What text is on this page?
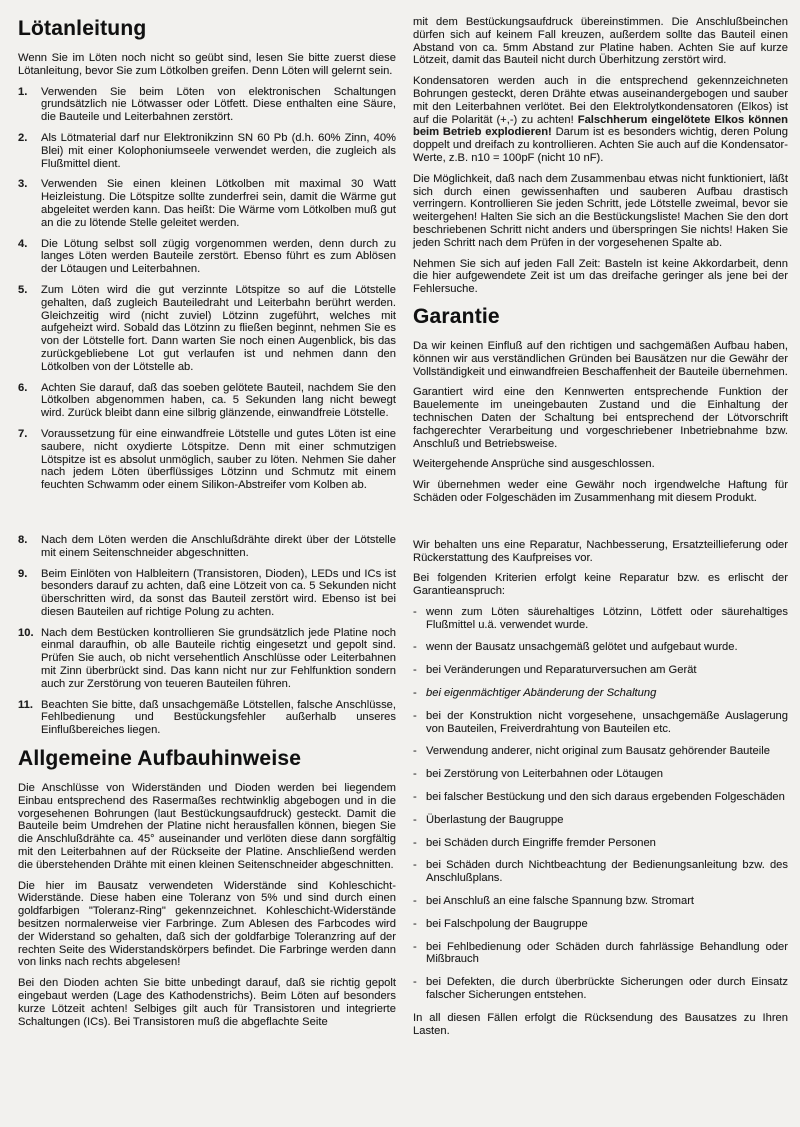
Lötanleitung

Wenn Sie im Löten noch nicht so geübt sind, lesen Sie bitte zuerst diese Lötanleitung, bevor Sie zum Lötkolben greifen. Denn Löten will gelernt sein.

1.	Verwenden Sie beim Löten von elektronischen Schaltungen grundsätzlich nie Lötwasser oder Lötfett. Diese enthalten eine Säure, die Bauteile und Leiterbahnen zerstört.
2.	Als Lötmaterial darf nur Elektronikzinn SN 60 Pb (d.h. 60% Zinn, 40% Blei) mit einer Kolophoniumseele verwendet werden, die zugleich als Flußmittel dient.
3.	Verwenden Sie einen kleinen Lötkolben mit maximal 30 Watt Heizleistung. Die Lötspitze sollte zunderfrei sein, damit die Wärme gut abgeleitet werden kann. Das heißt: Die Wärme vom Lötkolben muß gut an die zu lötende Stelle geleitet werden.
4.	Die Lötung selbst soll zügig vorgenommen werden, denn durch zu langes Löten werden Bauteile zerstört. Ebenso führt es zum Ablösen der Lötaugen und Leiterbahnen.
5.	Zum Löten wird die gut verzinnte Lötspitze so auf die Lötstelle gehalten, daß zugleich Bauteiledraht und Leiterbahn berührt werden. Gleichzeitig wird (nicht zuviel) Lötzinn zugeführt, welches mit aufgeheizt wird. Sobald das Lötzinn zu fließen beginnt, nehmen Sie es von der Lötstelle fort. Dann warten Sie noch einen Augenblick, bis das zurückgebliebene Lot gut verlaufen ist und nehmen dann den Lötkolben von der Lötstelle ab.
6.	Achten Sie darauf, daß das soeben gelötete Bauteil, nachdem Sie den Lötkolben abgenommen haben, ca. 5 Sekunden lang nicht bewegt wird. Zurück bleibt dann eine silbrig glänzende, einwandfreie Lötstelle.
7.	Voraussetzung für eine einwandfreie Lötstelle und gutes Löten ist eine saubere, nicht oxydierte Lötspitze. Denn mit einer schmutzigen Lötspitze ist es absolut unmöglich, sauber zu löten. Nehmen Sie daher nach jedem Löten überflüssiges Lötzinn und Schmutz mit einem feuchten Schwamm oder einem Silikon-Abstreifer vom Kolben ab.
8.	Nach dem Löten werden die Anschlußdrähte direkt über der Lötstelle mit einem Seitenschneider abgeschnitten.
9.	Beim Einlöten von Halbleitern (Transistoren, Dioden), LEDs und ICs ist besonders darauf zu achten, daß eine Lötzeit von ca. 5 Sekunden nicht überschritten wird, da sonst das Bauteil zerstört wird. Ebenso ist bei diesen Bauteilen auf richtige Polung zu achten.
10. Nach dem Bestücken kontrollieren Sie grundsätzlich jede Platine noch einmal daraufhin, ob alle Bauteile richtig eingesetzt und gepolt sind. Prüfen Sie auch, ob nicht versehentlich Anschlüsse oder Leiterbahnen mit Zinn überbrückt sind. Das kann nicht nur zur Fehlfunktion sondern auch zur Zerstörung von teueren Bauteilen führen.
11. Beachten Sie bitte, daß unsachgemäße Lötstellen, falsche Anschlüsse, Fehlbedienung und Bestückungsfehler außerhalb unseres Einflußbereiches liegen.
Allgemeine Aufbauhinweise

Die Anschlüsse von Widerständen und Dioden werden bei liegendem Einbau entsprechend des Rasermaßes rechtwinklig abgebogen und in die vorgesehenen Bohrungen (laut Bestückungsaufdruck) gesteckt. Damit die Bauteile beim Umdrehen der Platine nicht herausfallen können, biegen Sie die Anschlußdrähte ca. 45° auseinander und verlöten diese dann sorgfältig mit den Leiterbahnen auf der Rückseite der Platine. Anschließend werden die überstehenden Drähte mit einen kleinen Seitenschneider abgeschnitten.

Die hier im Bausatz verwendeten Widerstände sind Kohleschicht-Widerstände. Diese haben eine Toleranz von 5% und sind durch einen goldfarbigen "Toleranz-Ring" gekennzeichnet. Kohleschicht-Widerstände besitzen normalerweise vier Farbringe. Zum Ablesen des Farbcodes wird der Widerstand so gehalten, daß sich der goldfarbige Toleranzring auf der rechten Seite des Widerstandskörpers befindet. Die Farbringe werden dann von links nach rechts abgelesen!

Bei den Dioden achten Sie bitte unbedingt darauf, daß sie richtig gepolt eingebaut werden (Lage des Kathodenstrichs). Beim Löten auf besonders kurze Lötzeit achten! Selbiges gilt auch für Transistoren und integrierte Schaltungen (ICs). Bei Transistoren muß die abgeflachte Seite

mit dem Bestückungsaufdruck übereinstimmen. Die Anschlußbeinchen dürfen sich auf keinem Fall kreuzen, außerdem sollte das Bauteil einen Abstand von ca. 5mm Abstand zur Platine haben. Achten Sie auf kurze Lötzeit, damit das Bauteil nicht durch Überhitzung zerstört wird.

Kondensatoren werden auch in die entsprechend gekennzeichneten Bohrungen gesteckt, deren Drähte etwas auseinandergebogen und sauber mit den Leiterbahnen verlötet. Bei den Elektrolytkondensatoren (Elkos) ist auf die Polarität (+,-) zu achten! Falschherum eingelötete Elkos können beim Betrieb explodieren! Darum ist es besonders wichtig, deren Polung doppelt und dreifach zu kontrollieren. Achten Sie auch auf die Kondensator-Werte, z.B. n10 = 100pF (nicht 10 nF).

Die Möglichkeit, daß nach dem Zusammenbau etwas nicht funktioniert, läßt sich durch einen gewissenhaften und sauberen Aufbau drastisch verringern. Kontrollieren Sie jeden Schritt, jede Lötstelle zweimal, bevor sie weitergehen! Halten Sie sich an die Bestückungsliste! Machen Sie den dort beschriebenen Schritt nicht anders und überspringen Sie nichts! Haken Sie jeden Schritt nach dem Prüfen in der vorgesehenen Spalte ab.

Nehmen Sie sich auf jeden Fall Zeit: Basteln ist keine Akkordarbeit, denn die hier aufgewendete Zeit ist um das dreifache geringer als jene bei der Fehlersuche.

Garantie

Da wir keinen Einfluß auf den richtigen und sachgemäßen Aufbau haben, können wir aus verständlichen Gründen bei Bausätzen nur die Gewähr der Vollständigkeit und einwandfreien Beschaffenheit der Bauteile übernehmen.

Garantiert wird eine den Kennwerten entsprechende Funktion der Bauelemente im uneingebauten Zustand und die Einhaltung der technischen Daten der Schaltung bei entsprechend der Lötvorschrift fachgerechter Verarbeitung und vorgeschriebener Inbetriebnahme bzw. Anschluß und Betriebsweise.

Weitergehende Ansprüche sind ausgeschlossen.

Wir übernehmen weder eine Gewähr noch irgendwelche Haftung für Schäden oder Folgeschäden im Zusammenhang mit diesem Produkt.

Wir behalten uns eine Reparatur, Nachbesserung, Ersatzteillieferung oder Rückerstattung des Kaufpreises vor.

Bei folgenden Kriterien erfolgt keine Reparatur bzw. es erlischt der Garantieanspruch:

- wenn zum Löten säurehaltiges Lötzinn, Lötfett oder säurehaltiges Flußmittel u.ä. verwendet wurde.
- wenn der Bausatz unsachgemäß gelötet und aufgebaut wurde.
- bei Veränderungen und Reparaturversuchen am Gerät
- bei eigenmächtiger Abänderung der Schaltung
- bei der Konstruktion nicht vorgesehene, unsachgemäße Auslagerung von Bauteilen, Freiverdrahtung von Bauteilen etc.
- Verwendung anderer, nicht original zum Bausatz gehörender Bauteile
- bei Zerstörung von Leiterbahnen oder Lötaugen
- bei falscher Bestückung und den sich daraus ergebenden Folgeschäden
- Überlastung der Baugruppe
- bei Schäden durch Eingriffe fremder Personen
- bei Schäden durch Nichtbeachtung der Bedienungsanleitung bzw. des Anschlußplans.
- bei Anschluß an eine falsche Spannung bzw. Stromart
- bei Falschpolung der Baugruppe
- bei Fehlbedienung oder Schäden durch fahrlässige Behandlung oder Mißbrauch
- bei Defekten, die durch überbrückte Sicherungen oder durch Einsatz falscher Sicherungen entstehen.

In all diesen Fällen erfolgt die Rücksendung des Bausatzes zu Ihren Lasten.
